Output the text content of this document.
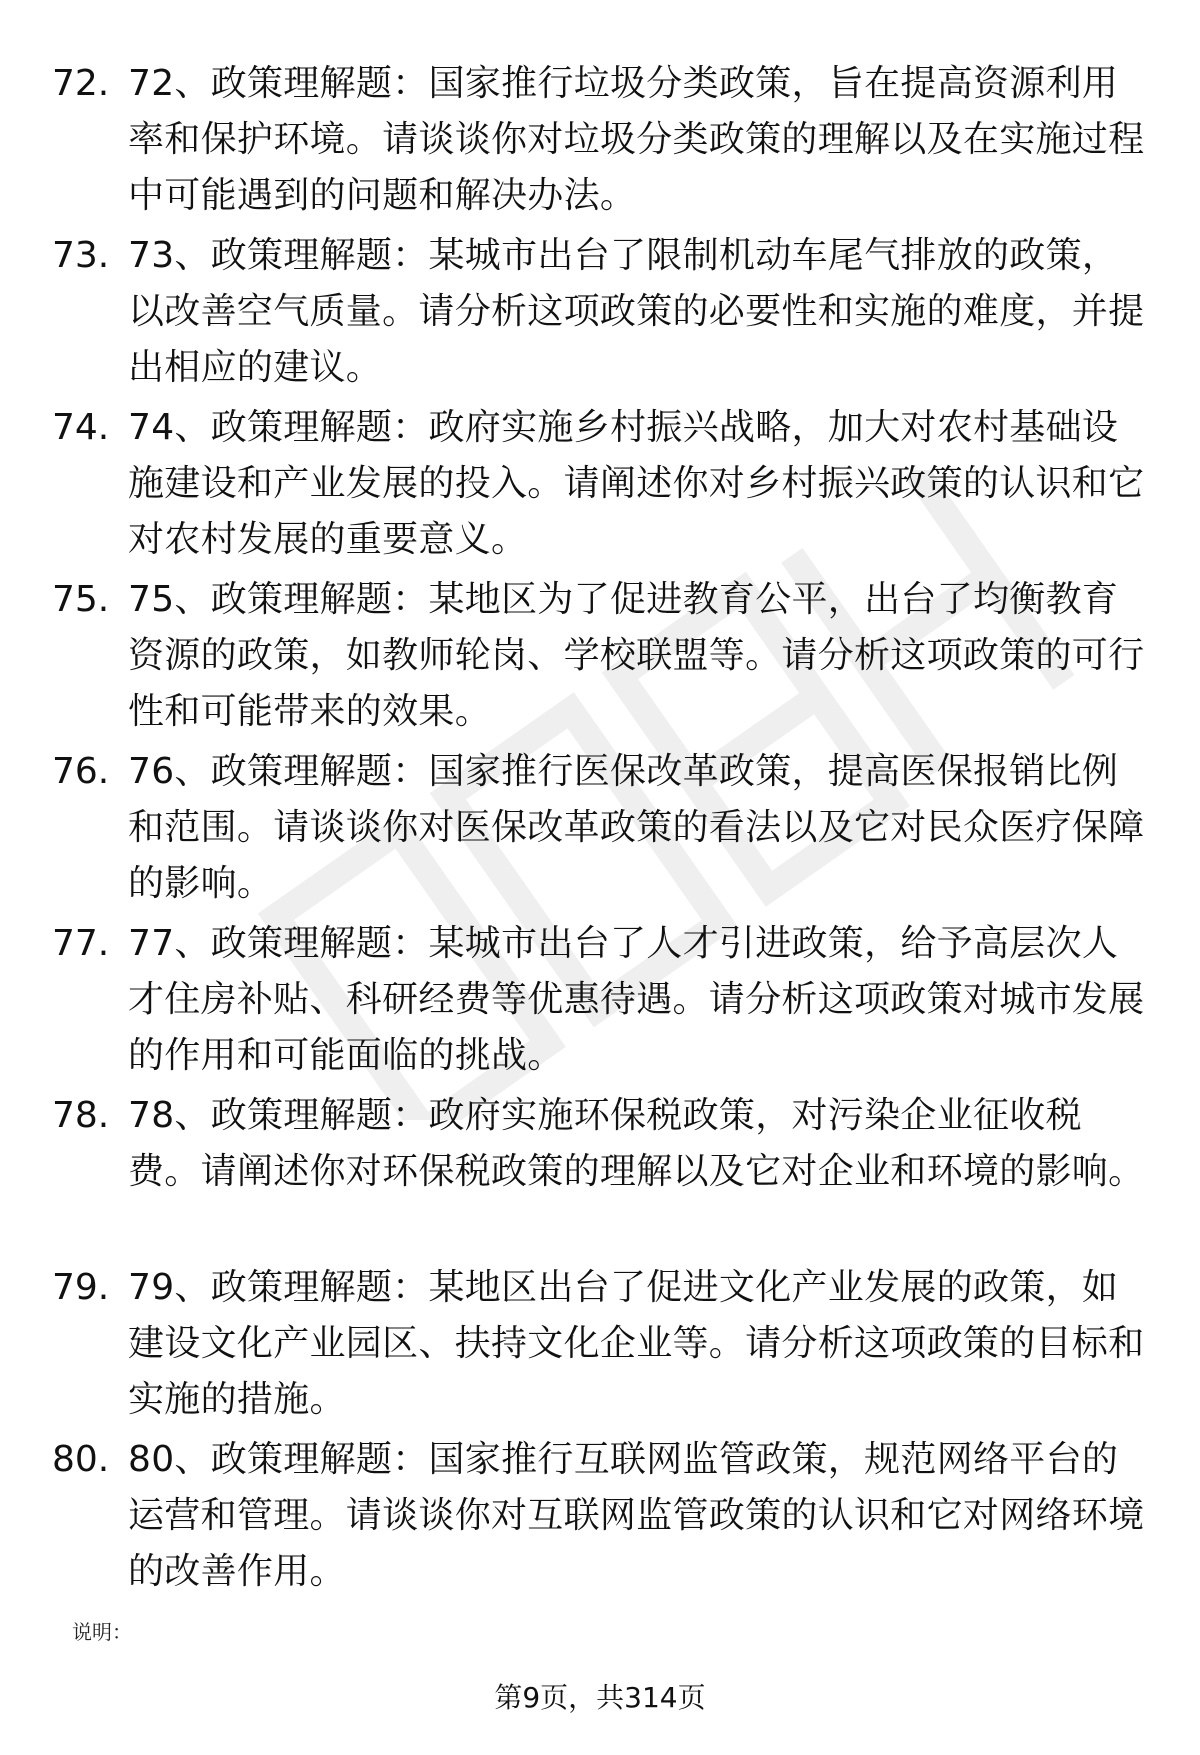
72. 72、政策理解题：国家推行垃圾分类政策，旨在提高资源利用率和保护环境。请谈谈你对垃圾分类政策的理解以及在实施过程中可能遇到的问题和解决办法。
73. 73、政策理解题：某城市出台了限制机动车尾气排放的政策，以改善空气质量。请分析这项政策的必要性和实施的难度，并提出相应的建议。
74. 74、政策理解题：政府实施乡村振兴战略，加大对农村基础设施建设和产业发展的投入。请阐述你对乡村振兴政策的认识和它对农村发展的重要意义。
75. 75、政策理解题：某地区为了促进教育公平，出台了均衡教育资源的政策，如教师轮岗、学校联盟等。请分析这项政策的可行性和可能带来的效果。
76. 76、政策理解题：国家推行医保改革政策，提高医保报销比例和范围。请谈谈你对医保改革政策的看法以及它对民众医疗保障的影响。
77. 77、政策理解题：某城市出台了人才引进政策，给予高层次人才住房补贴、科研经费等优惠待遇。请分析这项政策对城市发展的作用和可能面临的挑战。
78. 78、政策理解题：政府实施环保税政策，对污染企业征收税费。请阐述你对环保税政策的理解以及它对企业和环境的影响。
79. 79、政策理解题：某地区出台了促进文化产业发展的政策，如建设文化产业园区、扶持文化企业等。请分析这项政策的目标和实施的措施。
80. 80、政策理解题：国家推行互联网监管政策，规范网络平台的运营和管理。请谈谈你对互联网监管政策的认识和它对网络环境的改善作用。
说明：
第9页，共314页
